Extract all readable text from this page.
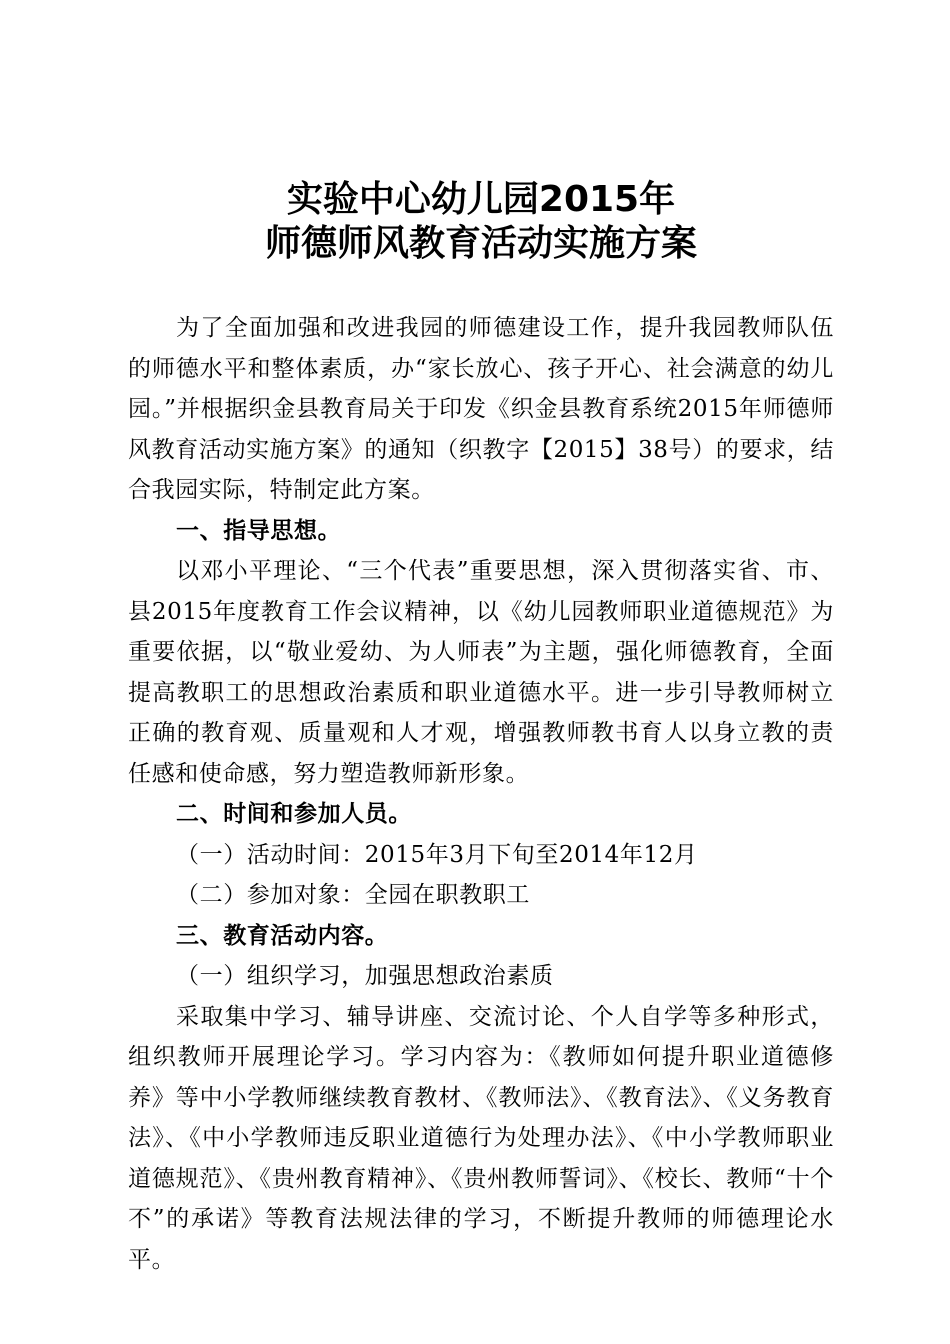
实验中心幼儿园2015年
师德师风教育活动实施方案

为了全面加强和改进我园的师德建设工作，提升我园教师队伍的师德水平和整体素质，办“家长放心、孩子开心、社会满意的幼儿园。”并根据织金县教育局关于印发《织金县教育系统2015年师德师风教育活动实施方案》的通知（织教字【2015】38号）的要求，结合我园实际，特制定此方案。

一、指导思想。

以邓小平理论、“三个代表”重要思想，深入贯彻落实省、市、县2015年度教育工作会议精神，以《幼儿园教师职业道德规范》为重要依据，以“敬业爱幼、为人师表”为主题，强化师德教育，全面提高教职工的思想政治素质和职业道德水平。进一步引导教师树立正确的教育观、质量观和人才观，增强教师教书育人以身立教的责任感和使命感，努力塑造教师新形象。

二、时间和参加人员。

（一）活动时间：2015年3月下旬至2014年12月

（二）参加对象：全园在职教职工

三、教育活动内容。

（一）组织学习，加强思想政治素质

采取集中学习、辅导讲座、交流讨论、个人自学等多种形式，组织教师开展理论学习。学习内容为：《教师如何提升职业道德修养》等中小学教师继续教育教材、《教师法》、《教育法》、《义务教育法》、《中小学教师违反职业道德行为处理办法》、《中小学教师职业道德规范》、《贵州教育精神》、《贵州教师誓词》、《校长、教师“十个不”的承诺》等教育法规法律的学习，不断提升教师的师德理论水平。
